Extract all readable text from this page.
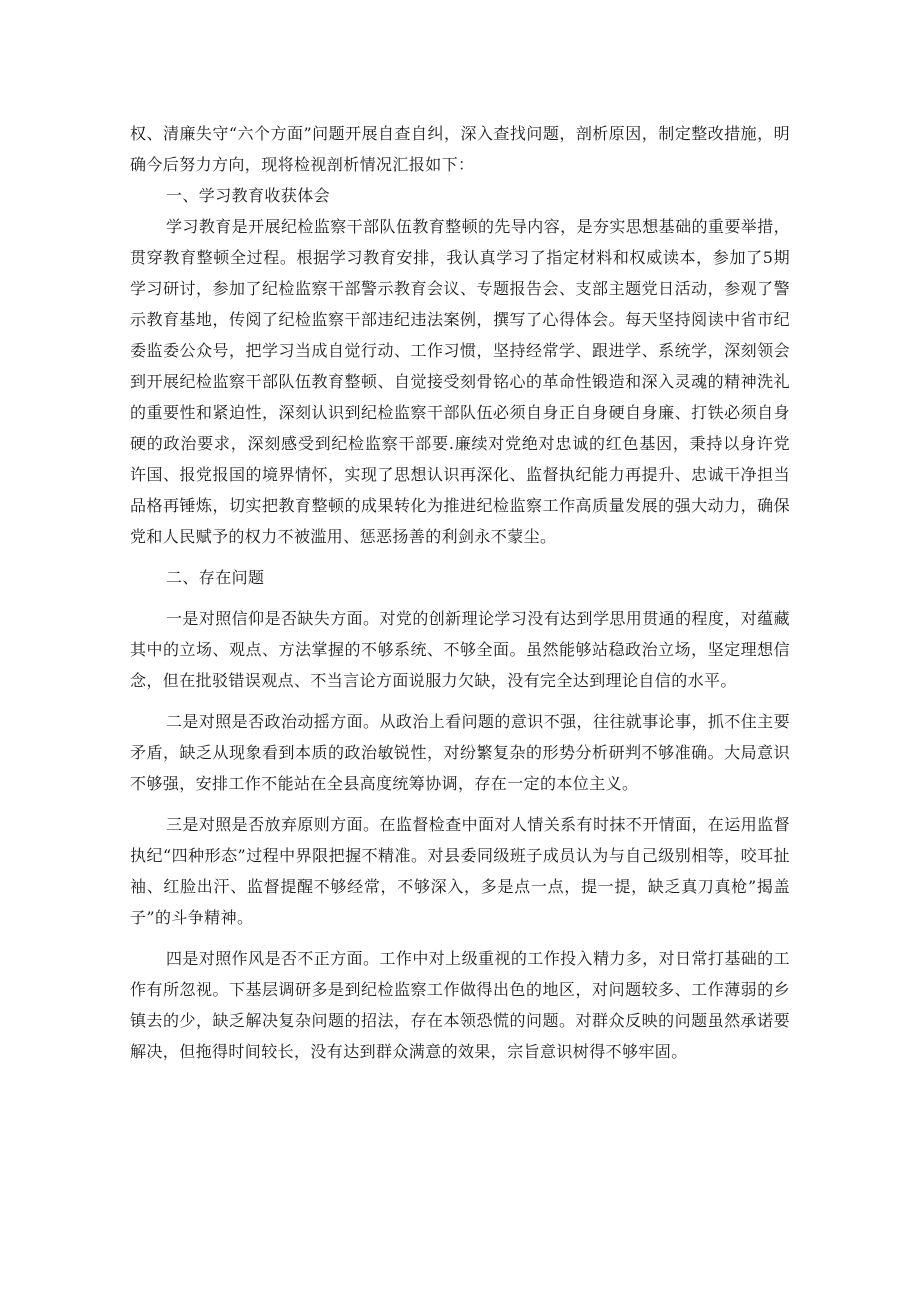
权、清廉失守“六个方面”问题开展自查自纠，深入查找问题，剖析原因，制定整改措施，明确今后努力方向，现将检视剖析情况汇报如下：

一、学习教育收获体会

学习教育是开展纪检监察干部队伍教育整顿的先导内容，是夯实思想基础的重要举措，贯穿教育整顿全过程。根据学习教育安排，我认真学习了指定材料和权威读本，参加了5期学习研讨，参加了纪检监察干部警示教育会议、专题报告会、支部主题党日活动，参观了警示教育基地，传阅了纪检监察干部违纪违法案例，撰写了心得体会。每天坚持阅读中省市纪委监委公众号，把学习当成自觉行动、工作习惯，坚持经常学、跟进学、系统学，深刻领会到开展纪检监察干部队伍教育整顿、自觉接受刻骨铭心的革命性锻造和深入灵魂的精神洗礼的重要性和紧迫性，深刻认识到纪检监察干部队伍必须自身正自身硬自身廉、打铁必须自身硬的政治要求，深刻感受到纪检监察干部要.廉续对党绝对忠诚的红色基因，秉持以身许党许国、报党报国的境界情怀，实现了思想认识再深化、监督执纪能力再提升、忠诚干净担当品格再锤炼，切实把教育整顿的成果转化为推进纪检监察工作高质量发展的强大动力，确保党和人民赋予的权力不被滥用、惩恶扬善的利剑永不蒙尘。

二、存在问题

一是对照信仰是否缺失方面。对党的创新理论学习没有达到学思用贯通的程度，对蕴藏其中的立场、观点、方法掌握的不够系统、不够全面。虽然能够站稳政治立场，坚定理想信念，但在批驳错误观点、不当言论方面说服力欠缺，没有完全达到理论自信的水平。

二是对照是否政治动摇方面。从政治上看问题的意识不强，往往就事论事，抓不住主要矛盾，缺乏从现象看到本质的政治敏锐性，对纷繁复杂的形势分析研判不够准确。大局意识不够强，安排工作不能站在全县高度统筹协调，存在一定的本位主义。

三是对照是否放弃原则方面。在监督检查中面对人情关系有时抹不开情面，在运用监督执纪“四种形态”过程中界限把握不精准。对县委同级班子成员认为与自己级别相等，咬耳扯袖、红脸出汗、监督提醒不够经常，不够深入，多是点一点，提一提，缺乏真刀真枪”揭盖子”的斗争精神。

四是对照作风是否不正方面。工作中对上级重视的工作投入精力多，对日常打基础的工作有所忽视。下基层调研多是到纪检监察工作做得出色的地区，对问题较多、工作薄弱的乡镇去的少，缺乏解决复杂问题的招法，存在本领恐慌的问题。对群众反映的问题虽然承诺要解决，但拖得时间较长，没有达到群众满意的效果，宗旨意识树得不够牢固。
